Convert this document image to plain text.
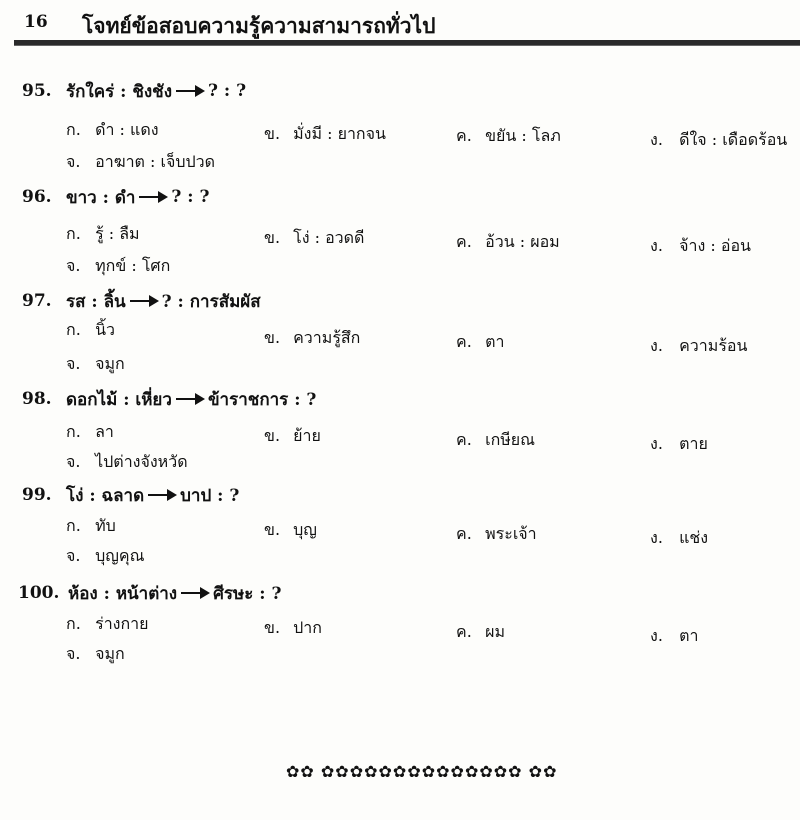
16 โจทย์ข้อสอบความรู้ความสามารถทั่วไป
95. รักใคร่ : ชิงชัง ? : ?
ก. ดำ : แดง	ข. มั่งมี : ยากจน	ค. ขยัน : โลภ	ง. ดีใจ : เดือดร้อน
จ. อาฆาต : เจ็บปวด
96. ขาว : ดำ ? : ?
ก. รู้ : ลืม	ข. โง่ : อวดดี	ค. อ้วน : ผอม	ง. จ้าง : อ่อน
จ. ทุกข์ : โศก
97. รส : ลิ้น ? : การสัมผัส
ก. นิ้ว	ข. ความรู้สึก	ค. ตา	ง. ความร้อน
จ. จมูก
98. ดอกไม้ : เหี่ยว ข้าราชการ : ?
ก. ลา	ข. ย้าย	ค. เกษียณ	ง. ตาย
จ. ไปต่างจังหวัด
99. โง่ : ฉลาด บาป : ?
ก. ทับ	ข. บุญ	ค. พระเจ้า	ง. แช่ง
จ. บุญคุณ
100. ห้อง : หน้าต่าง ศีรษะ : ?
ก. ร่างกาย	ข. ปาก	ค. ผม	ง. ตา
จ. จมูก
✿✿ ✿✿✿✿✿✿✿✿✿✿✿✿✿✿ ✿✿
